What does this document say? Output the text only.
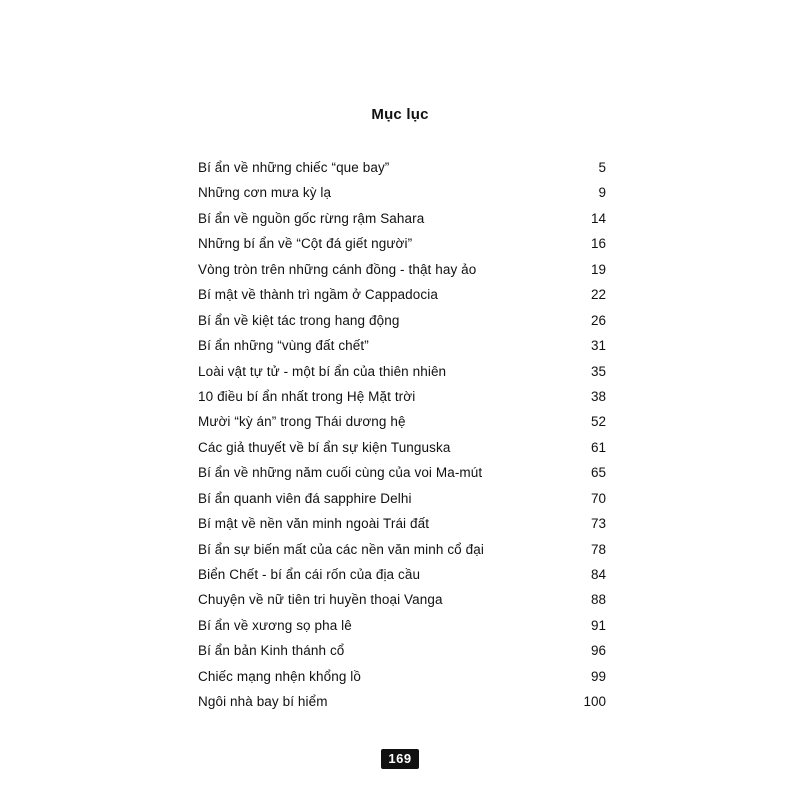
Mục lục
Bí ẩn về những chiếc “que bay”	5
Những cơn mưa kỳ lạ	9
Bí ẩn về nguồn gốc rừng rậm Sahara	14
Những bí ẩn về “Cột đá giết người”	16
Vòng tròn trên những cánh đồng - thật hay ảo	19
Bí mật về thành trì ngầm ở Cappadocia	22
Bí ẩn về kiệt tác trong hang động	26
Bí ẩn những “vùng đất chết”	31
Loài vật tự tử - một bí ẩn của thiên nhiên	35
10 điều bí ẩn nhất trong Hệ Mặt trời	38
Mười “kỳ án” trong Thái dương hệ	52
Các giả thuyết về bí ẩn sự kiện Tunguska	61
Bí ẩn về những năm cuối cùng của voi Ma-mút	65
Bí ẩn quanh viên đá sapphire Delhi	70
Bí mật về nền văn minh ngoài Trái đất	73
Bí ẩn sự biến mất của các nền văn minh cổ đại	78
Biển Chết - bí ẩn cái rốn của địa cầu	84
Chuyện về nữ tiên tri huyền thoại Vanga	88
Bí ẩn về xương sọ pha lê	91
Bí ẩn bản Kinh thánh cổ	96
Chiếc mạng nhện khổng lồ	99
Ngôi nhà bay bí hiểm	100
169
